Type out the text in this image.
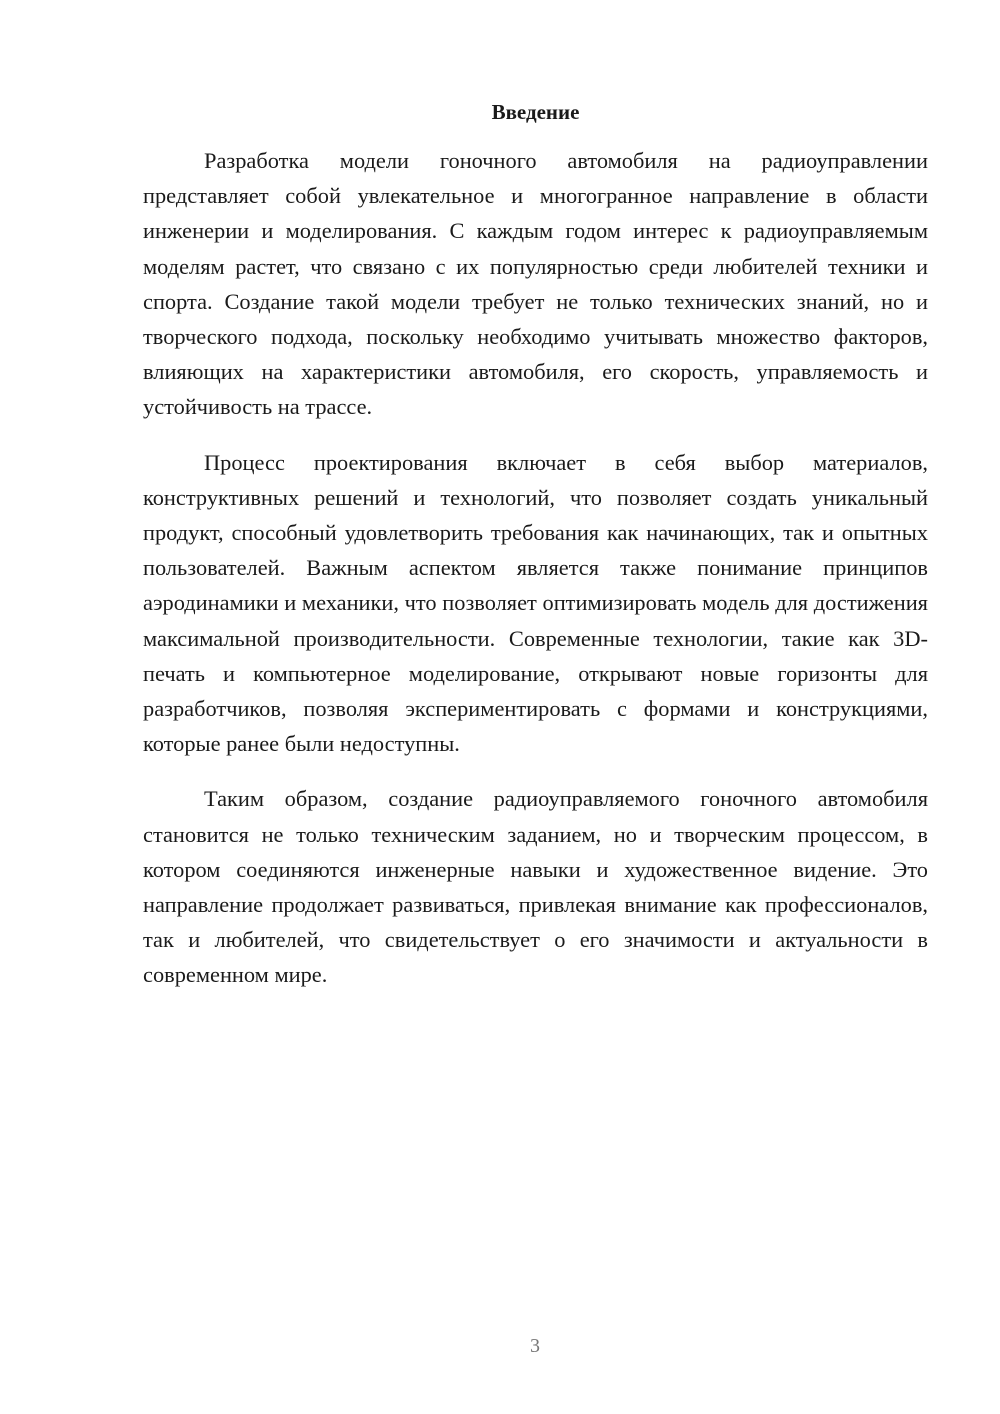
Введение

Разработка модели гоночного автомобиля на радиоуправлении представляет собой увлекательное и многогранное направление в области инженерии и моделирования. С каждым годом интерес к радиоуправляемым моделям растет, что связано с их популярностью среди любителей техники и спорта. Создание такой модели требует не только технических знаний, но и творческого подхода, поскольку необходимо учитывать множество факторов, влияющих на характеристики автомобиля, его скорость, управляемость и устойчивость на трассе.

Процесс проектирования включает в себя выбор материалов, конструктивных решений и технологий, что позволяет создать уникальный продукт, способный удовлетворить требования как начинающих, так и опытных пользователей. Важным аспектом является также понимание принципов аэродинамики и механики, что позволяет оптимизировать модель для достижения максимальной производительности. Современные технологии, такие как 3D-печать и компьютерное моделирование, открывают новые горизонты для разработчиков, позволяя экспериментировать с формами и конструкциями, которые ранее были недоступны.

Таким образом, создание радиоуправляемого гоночного автомобиля становится не только техническим заданием, но и творческим процессом, в котором соединяются инженерные навыки и художественное видение. Это направление продолжает развиваться, привлекая внимание как профессионалов, так и любителей, что свидетельствует о его значимости и актуальности в современном мире.

3
